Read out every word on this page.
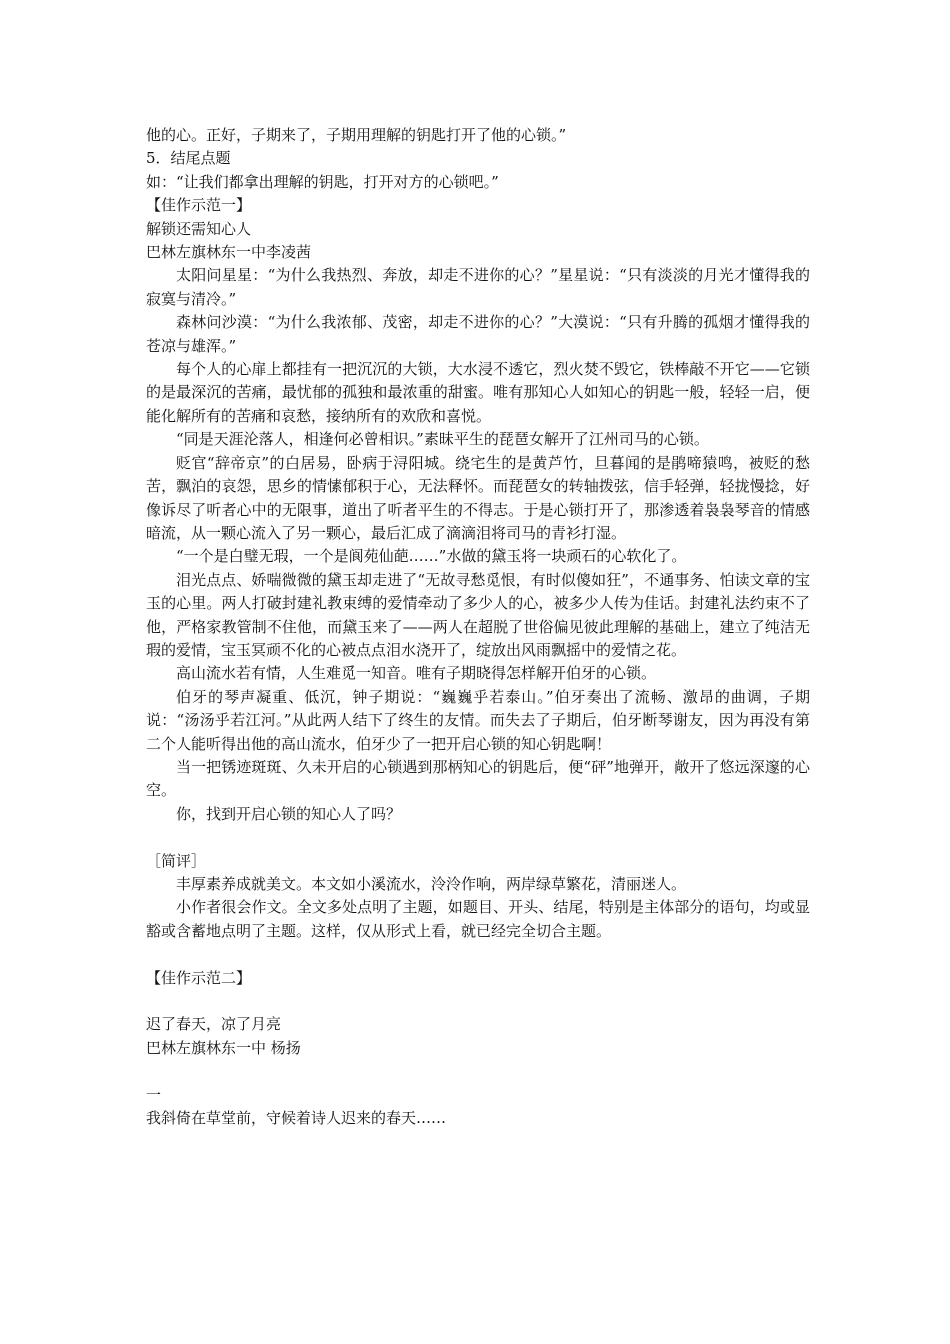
他的心。正好，子期来了，子期用理解的钥匙打开了他的心锁。”

5．结尾点题

如：“让我们都拿出理解的钥匙，打开对方的心锁吧。”

【佳作示范一】

解锁还需知心人

巴林左旗林东一中李凌茜

太阳问星星：“为什么我热烈、奔放，却走不进你的心？”星星说：“只有淡淡的月光才懂得我的寂寞与清冷。”

森林问沙漠：“为什么我浓郁、茂密，却走不进你的心？”大漠说：“只有升腾的孤烟才懂得我的苍凉与雄浑。”

每个人的心扉上都挂有一把沉沉的大锁，大水浸不透它，烈火焚不毁它，铁棒敲不开它——它锁的是最深沉的苦痛，最忧郁的孤独和最浓重的甜蜜。唯有那知心人如知心的钥匙一般，轻轻一启，便能化解所有的苦痛和哀愁，接纳所有的欢欣和喜悦。

“同是天涯沦落人，相逢何必曾相识。”素昧平生的琵琶女解开了江州司马的心锁。

贬官“辞帝京”的白居易，卧病于浔阳城。绕宅生的是黄芦竹，旦暮闻的是鹃啼猿鸣，被贬的愁苦，飘泊的哀怨，思乡的情愫郁积于心，无法释怀。而琵琶女的转轴拨弦，信手轻弹，轻拢慢捻，好像诉尽了听者心中的无限事，道出了听者平生的不得志。于是心锁打开了，那渗透着袅袅琴音的情感暗流，从一颗心流入了另一颗心，最后汇成了滴滴泪将司马的青衫打湿。

“一个是白璧无瑕，一个是阆苑仙葩……”水做的黛玉将一块顽石的心软化了。

泪光点点、娇喘微微的黛玉却走进了“无故寻愁觅恨，有时似傻如狂”，不通事务、怕读文章的宝玉的心里。两人打破封建礼教束缚的爱情牵动了多少人的心，被多少人传为佳话。封建礼法约束不了他，严格家教管制不住他，而黛玉来了——两人在超脱了世俗偏见彼此理解的基础上，建立了纯洁无瑕的爱情，宝玉冥顽不化的心被点点泪水浇开了，绽放出风雨飘摇中的爱情之花。

高山流水若有情，人生难觅一知音。唯有子期晓得怎样解开伯牙的心锁。

伯牙的琴声凝重、低沉，钟子期说：“巍巍乎若泰山。”伯牙奏出了流畅、激昂的曲调，子期说：“汤汤乎若江河。”从此两人结下了终生的友情。而失去了子期后，伯牙断琴谢友，因为再没有第二个人能听得出他的高山流水，伯牙少了一把开启心锁的知心钥匙啊！

当一把锈迹斑斑、久未开启的心锁遇到那柄知心的钥匙后，便“砰”地弹开，敞开了悠远深邃的心空。

你，找到开启心锁的知心人了吗？

［简评］

丰厚素养成就美文。本文如小溪流水，泠泠作响，两岸绿草繁花，清丽迷人。

小作者很会作文。全文多处点明了主题，如题目、开头、结尾，特别是主体部分的语句，均或显豁或含蓄地点明了主题。这样，仅从形式上看，就已经完全切合主题。

【佳作示范二】

迟了春天，凉了月亮

巴林左旗林东一中 杨扬

一

我斜倚在草堂前，守候着诗人迟来的春天……
